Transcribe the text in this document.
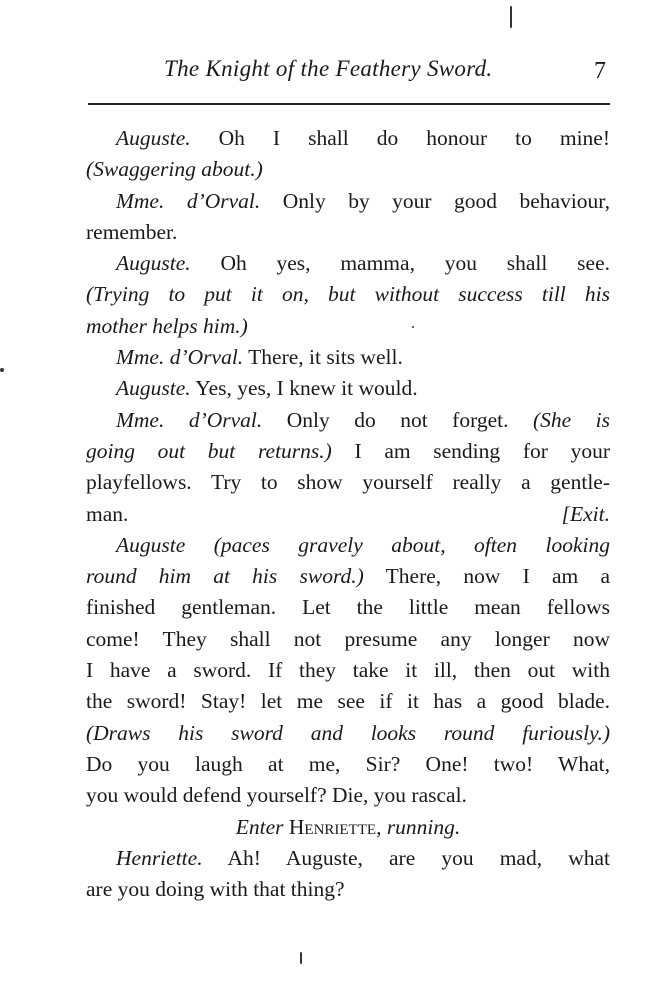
The Knight of the Feathery Sword.	7
Auguste. Oh I shall do honour to mine!
(Swaggering about.)
Mme. d’Orval. Only by your good behaviour,
remember.
Auguste. Oh yes, mamma, you shall see.
(Trying to put it on, but without success till his
mother helps him.)
Mme. d’Orval. There, it sits well.
Auguste. Yes, yes, I knew it would.
Mme. d’Orval. Only do not forget. (She is
going out but returns.) I am sending for your
playfellows. Try to show yourself really a gentle-
man.	[Exit.
Auguste (paces gravely about, often looking
round him at his sword.) There, now I am a
finished gentleman. Let the little mean fellows
come! They shall not presume any longer now
I have a sword. If they take it ill, then out with
the sword! Stay! let me see if it has a good blade.
(Draws his sword and looks round furiously.)
Do you laugh at me, Sir? One! two! What,
you would defend yourself? Die, you rascal.
Enter Henriette, running.
Henriette. Ah! Auguste, are you mad, what
are you doing with that thing?
